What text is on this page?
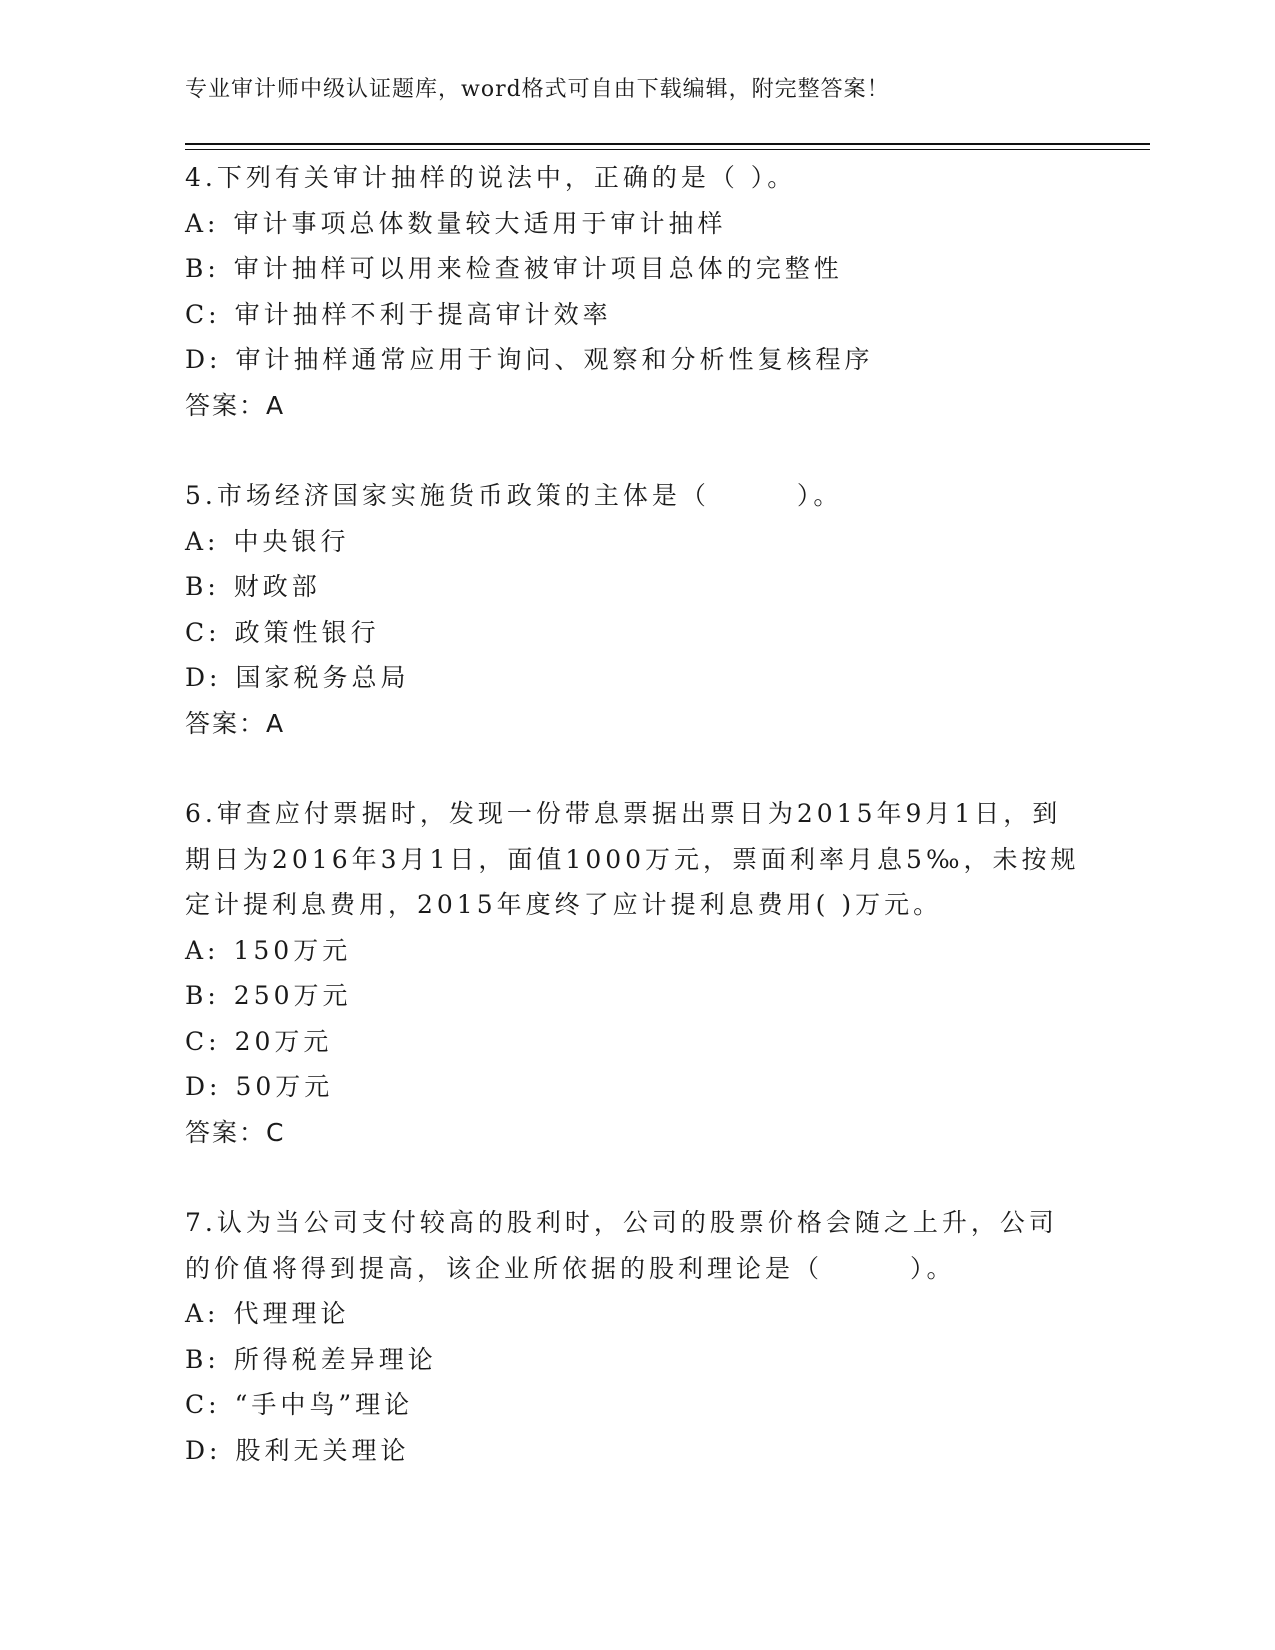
专业审计师中级认证题库，word格式可自由下载编辑，附完整答案！
4.下列有关审计抽样的说法中，正确的是（ ）。
A: 审计事项总体数量较大适用于审计抽样
B: 审计抽样可以用来检查被审计项目总体的完整性
C: 审计抽样不利于提高审计效率
D: 审计抽样通常应用于询问、观察和分析性复核程序
答案：A
5.市场经济国家实施货币政策的主体是（　　　）。
A: 中央银行
B: 财政部
C: 政策性银行
D: 国家税务总局
答案：A
6.审查应付票据时，发现一份带息票据出票日为2015年9月1日，到期日为2016年3月1日，面值1000万元，票面利率月息5‰，未按规定计提利息费用，2015年度终了应计提利息费用( )万元。
A: 150万元
B: 250万元
C: 20万元
D: 50万元
答案：C
7.认为当公司支付较高的股利时，公司的股票价格会随之上升，公司的价值将得到提高，该企业所依据的股利理论是（　　　）。
A: 代理理论
B: 所得税差异理论
C: “手中鸟”理论
D: 股利无关理论
